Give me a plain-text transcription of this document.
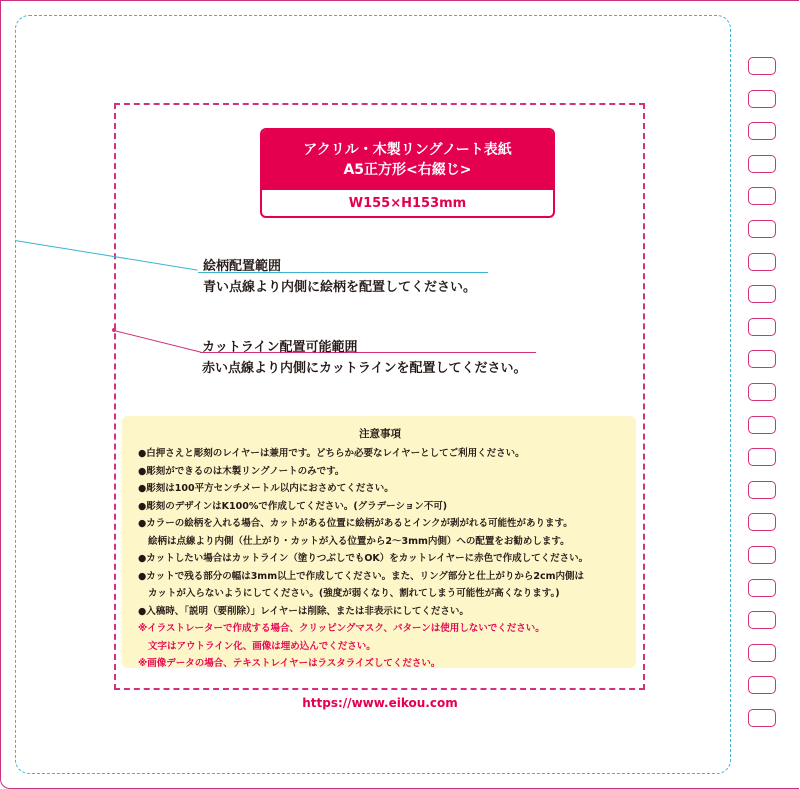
アクリル・木製リングノート表紙
A5正方形<右綴じ>
W155×H153mm
絵柄配置範囲
青い点線より内側に絵柄を配置してください。
カットライン配置可能範囲
赤い点線より内側にカットラインを配置してください。
注意事項
●白押さえと彫刻のレイヤーは兼用です。どちらか必要なレイヤーとしてご利用ください。
●彫刻ができるのは木製リングノートのみです。
●彫刻は100平方センチメートル以内におさめてください。
●彫刻のデザインはK100%で作成してください。(グラデーション不可)
●カラーの絵柄を入れる場合、カットがある位置に絵柄があるとインクが剥がれる可能性があります。
絵柄は点線より内側（仕上がり・カットが入る位置から2～3mm内側）への配置をお勧めします。
●カットしたい場合はカットライン（塗りつぶしでもOK）をカットレイヤーに赤色で作成してください。
●カットで残る部分の幅は3mm以上で作成してください。また、リング部分と仕上がりから2cm内側は
カットが入らないようにしてください。(強度が弱くなり、割れてしまう可能性が高くなります。)
●入稿時、「説明（要削除）」レイヤーは削除、または非表示にしてください。
※イラストレーターで作成する場合、クリッピングマスク、パターンは使用しないでください。
文字はアウトライン化、画像は埋め込んでください。
※画像データの場合、テキストレイヤーはラスタライズしてください。
https://www.eikou.com
